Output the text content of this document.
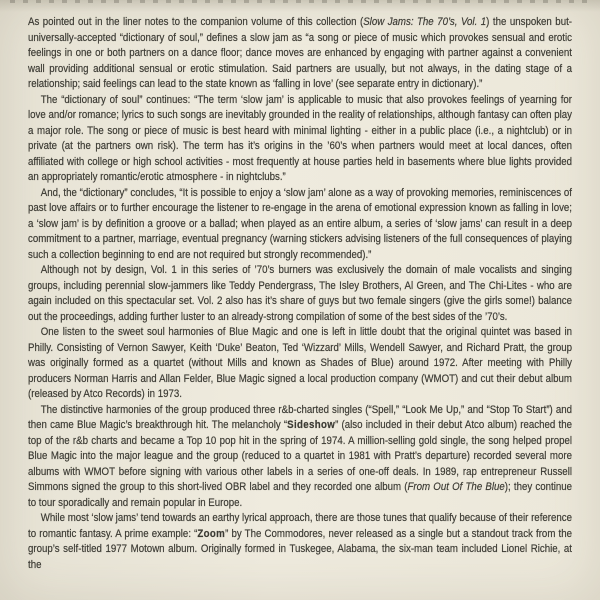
As pointed out in the liner notes to the companion volume of this collection (Slow Jams: The 70’s, Vol. 1) the unspoken but-universally-accepted “dictionary of soul,” defines a slow jam as “a song or piece of music which provokes sensual and erotic feelings in one or both partners on a dance floor; dance moves are enhanced by engaging with partner against a convenient wall providing additional sensual or erotic stimulation. Said partners are usually, but not always, in the dating stage of a relationship; said feelings can lead to the state known as ‘falling in love’ (see separate entry in dictionary).”

The “dictionary of soul” continues: “The term ‘slow jam’ is applicable to music that also provokes feelings of yearning for love and/or romance; lyrics to such songs are inevitably grounded in the reality of relationships, although fantasy can often play a major role. The song or piece of music is best heard with minimal lighting - either in a public place (i.e., a nightclub) or in private (at the partners own risk). The term has it’s origins in the ’60’s when partners would meet at local dances, often affiliated with college or high school activities - most frequently at house parties held in basements where blue lights provided an appropriately romantic/erotic atmosphere - in nightclubs.”

And, the “dictionary” concludes, “It is possible to enjoy a ‘slow jam’ alone as a way of provoking memories, reminiscences of past love affairs or to further encourage the listener to re-engage in the arena of emotional expression known as falling in love; a ‘slow jam’ is by definition a groove or a ballad; when played as an entire album, a series of ‘slow jams’ can result in a deep commitment to a partner, marriage, eventual pregnancy (warning stickers advising listeners of the full consequences of playing such a collection beginning to end are not required but strongly recommended).”

Although not by design, Vol. 1 in this series of ’70’s burners was exclusively the domain of male vocalists and singing groups, including perennial slow-jammers like Teddy Pendergrass, The Isley Brothers, Al Green, and The Chi-Lites - who are again included on this spectacular set. Vol. 2 also has it’s share of guys but two female singers (give the girls some!) balance out the proceedings, adding further luster to an already-strong compilation of some of the best sides of the ’70’s.

One listen to the sweet soul harmonies of Blue Magic and one is left in little doubt that the original quintet was based in Philly. Consisting of Vernon Sawyer, Keith ‘Duke’ Beaton, Ted ‘Wizzard’ Mills, Wendell Sawyer, and Richard Pratt, the group was originally formed as a quartet (without Mills and known as Shades of Blue) around 1972. After meeting with Philly producers Norman Harris and Allan Felder, Blue Magic signed a local production company (WMOT) and cut their debut album (released by Atco Records) in 1973.

The distinctive harmonies of the group produced three r&b-charted singles (“Spell,” “Look Me Up,” and “Stop To Start”) and then came Blue Magic’s breakthrough hit. The melancholy “Sideshow” (also included in their debut Atco album) reached the top of the r&b charts and became a Top 10 pop hit in the spring of 1974. A million-selling gold single, the song helped propel Blue Magic into the major league and the group (reduced to a quartet in 1981 with Pratt’s departure) recorded several more albums with WMOT before signing with various other labels in a series of one-off deals. In 1989, rap entrepreneur Russell Simmons signed the group to this short-lived OBR label and they recorded one album (From Out Of The Blue); they continue to tour sporadically and remain popular in Europe.

While most ‘slow jams’ tend towards an earthy lyrical approach, there are those tunes that qualify because of their reference to romantic fantasy. A prime example: “Zoom” by The Commodores, never released as a single but a standout track from the group’s self-titled 1977 Motown album. Originally formed in Tuskegee, Alabama, the six-man team included Lionel Richie, at the
